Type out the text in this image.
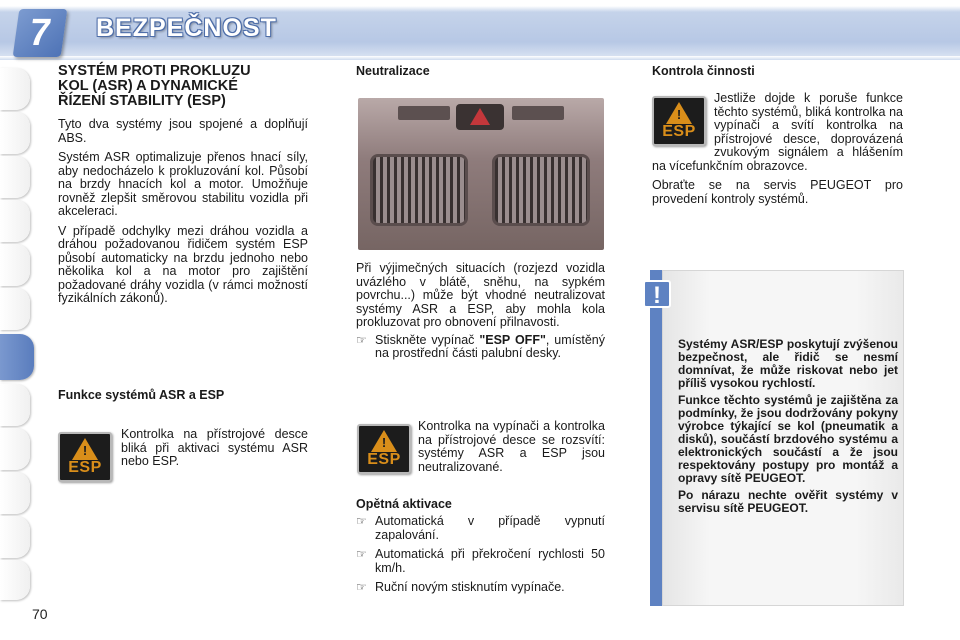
7	BEZPEČNOST
SYSTÉM PROTI PROKLUZU
KOL (ASR) A DYNAMICKÉ
ŘÍZENÍ STABILITY (ESP)

Tyto dva systémy jsou spojené a doplňují ABS.

Systém ASR optimalizuje přenos hnací síly, aby nedocházelo k prokluzování kol. Působí na brzdy hnacích kol a motor. Umožňuje rovněž zlepšit směrovou stabilitu vozidla při akceleraci.

V případě odchylky mezi dráhou vozidla a dráhou požadovanou řidičem systém ESP působí automaticky na brzdu jednoho nebo několika kol a na motor pro zajištění požadované dráhy vozidla (v rámci možností fyzikálních zákonů).

Funkce systémů ASR a ESP
!
ESP

Kontrolka na přístrojové desce bliká při aktivaci systému ASR nebo ESP.

Neutralizace

Při výjimečných situacích (rozjezd vozidla uvázlého v blátě, sněhu, na sypkém povrchu...) může být vhodné neutralizovat systémy ASR a ESP, aby mohla kola prokluzovat pro obnovení přilnavosti.

☞ Stiskněte vypínač "ESP OFF", umístěný na prostřední části palubní desky.

!
ESP

Kontrolka na vypínači a kontrolka na přístrojové desce se rozsvítí: systémy ASR a ESP jsou neutralizované.

Opětná aktivace

☞ Automatická v případě vypnutí zapalování.

☞ Automatická při překročení rychlosti 50 km/h.

☞ Ruční novým stisknutím vypínače.

Kontrola činnosti
!
ESP

Jestliže dojde k poruše funkce těchto systémů, bliká kontrolka na vypínači a svítí kontrolka na přístrojové desce, doprovázená zvukovým signálem a hlášením na vícefunkčním obrazovce.

Obraťte se na servis PEUGEOT pro provedení kontroly systémů.

!

Systémy ASR/ESP poskytují zvýšenou bezpečnost, ale řidič se nesmí domnívat, že může riskovat nebo jet příliš vysokou rychlostí.

Funkce těchto systémů je zajištěna za podmínky, že jsou dodržovány pokyny výrobce týkající se kol (pneumatik a disků), součástí brzdového systému a elektronických součástí a že jsou respektovány postupy pro montáž a opravy sítě PEUGEOT.

Po nárazu nechte ověřit systémy v servisu sítě PEUGEOT.

70
